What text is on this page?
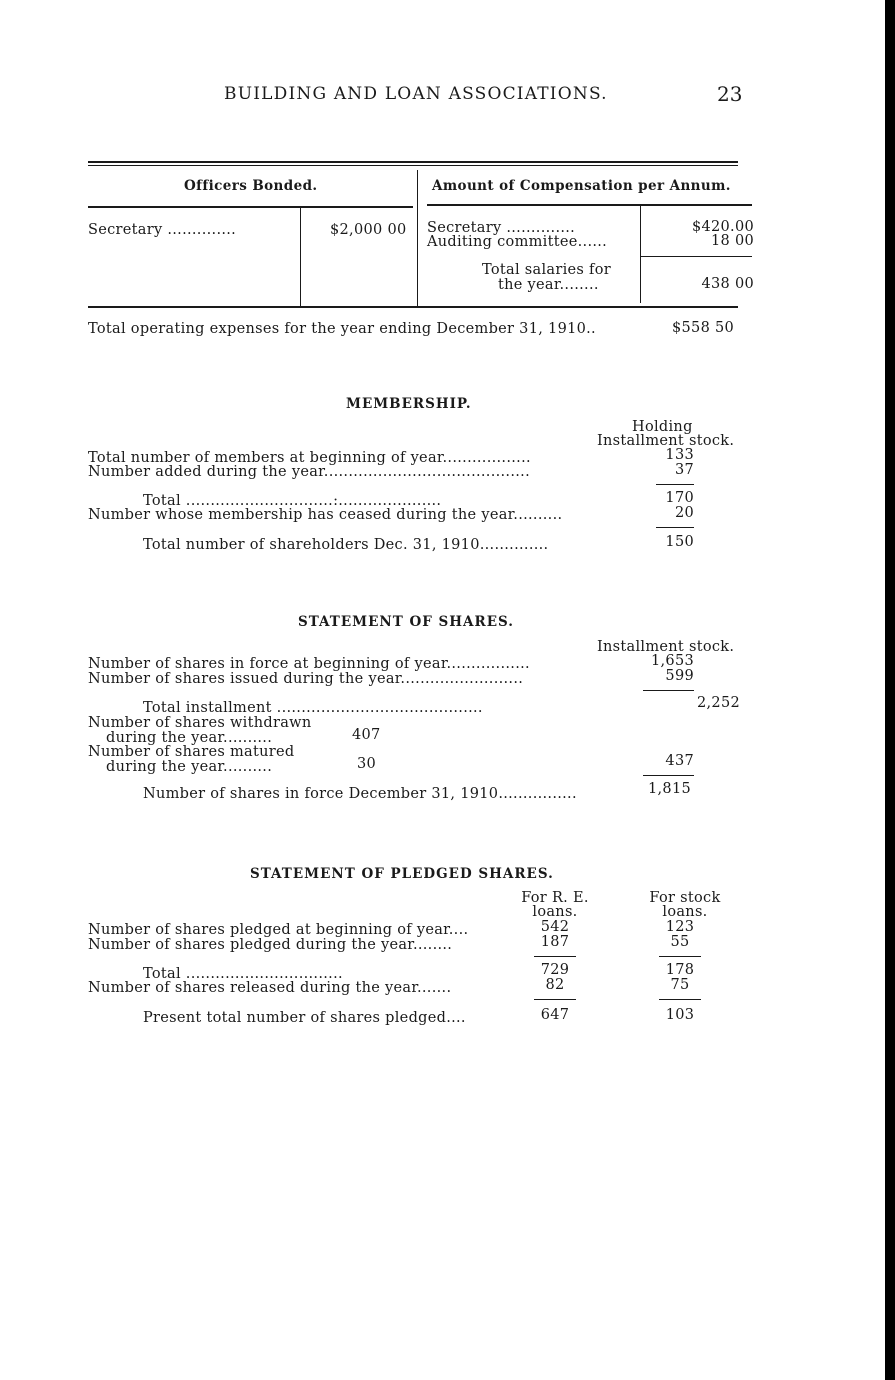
BUILDING AND LOAN ASSOCIATIONS.	23
Officers Bonded.	Amount of Compensation per Annum.
Secretary ..............	$2,000 00 Secretary ..............	$420.00
Auditing committee......	18 00
Total salaries for
the year........	438 00
Total operating expenses for the year ending December 31, 1910..	$558 50
MEMBERSHIP.
Holding
Installment stock.
Total number of members at beginning of year..................	133
Number added during the year..........................................	37
Total ..............................:.....................	170
Number whose membership has ceased during the year..........	20
Total number of shareholders Dec. 31, 1910..............	150
STATEMENT OF SHARES.
Installment stock.
Number of shares in force at beginning of year.................	1,653
Number of shares issued during the year.........................	599
Total installment ..........................................	2,252
Number of shares withdrawn
during the year..........	407
Number of shares matured
during the year..........	30	437
Number of shares in force December 31, 1910................	1,815
STATEMENT OF PLEDGED SHARES.
For R. E.
loans.
For stock
loans.
Number of shares pledged at beginning of year....	542	123
Number of shares pledged during the year........	187	55
Total ................................	729	178
Number of shares released during the year.......	82	75
Present total number of shares pledged....	647	103
